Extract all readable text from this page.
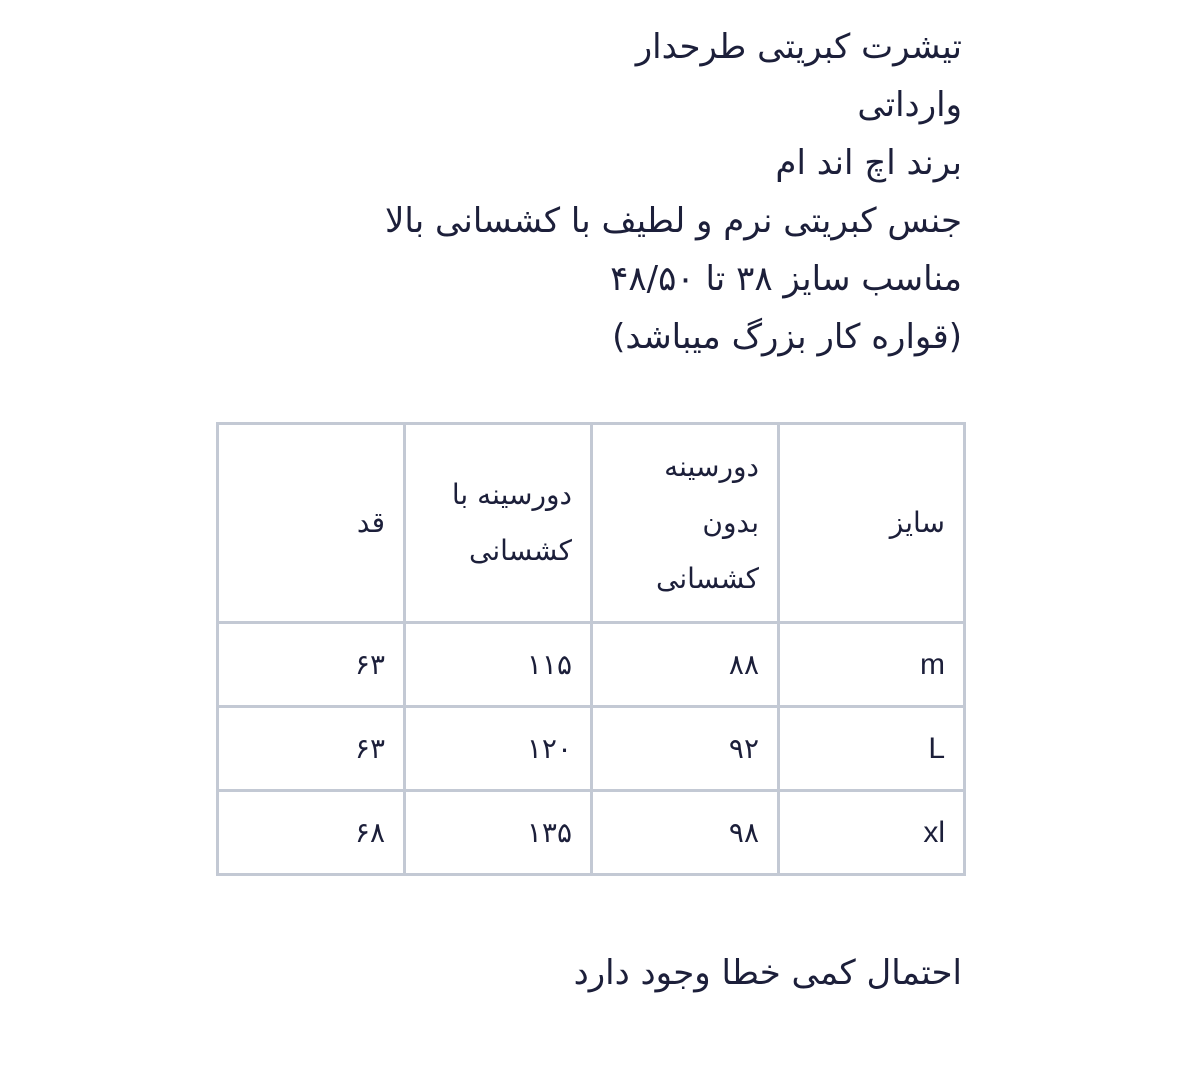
تیشرت کبریتی طرحدار
وارداتی
برند اچ اند ام
جنس کبریتی نرم و لطیف با کشسانی بالا
مناسب سایز ۳۸ تا ۴۸/۵۰
(قواره کار بزرگ میباشد)
سایز	دورسینه بدون کشسانی	دورسینه با کشسانی	قد
m	۸۸	۱۱۵	۶۳
L	۹۲	۱۲۰	۶۳
xl	۹۸	۱۳۵	۶۸
احتمال کمی خطا وجود دارد
